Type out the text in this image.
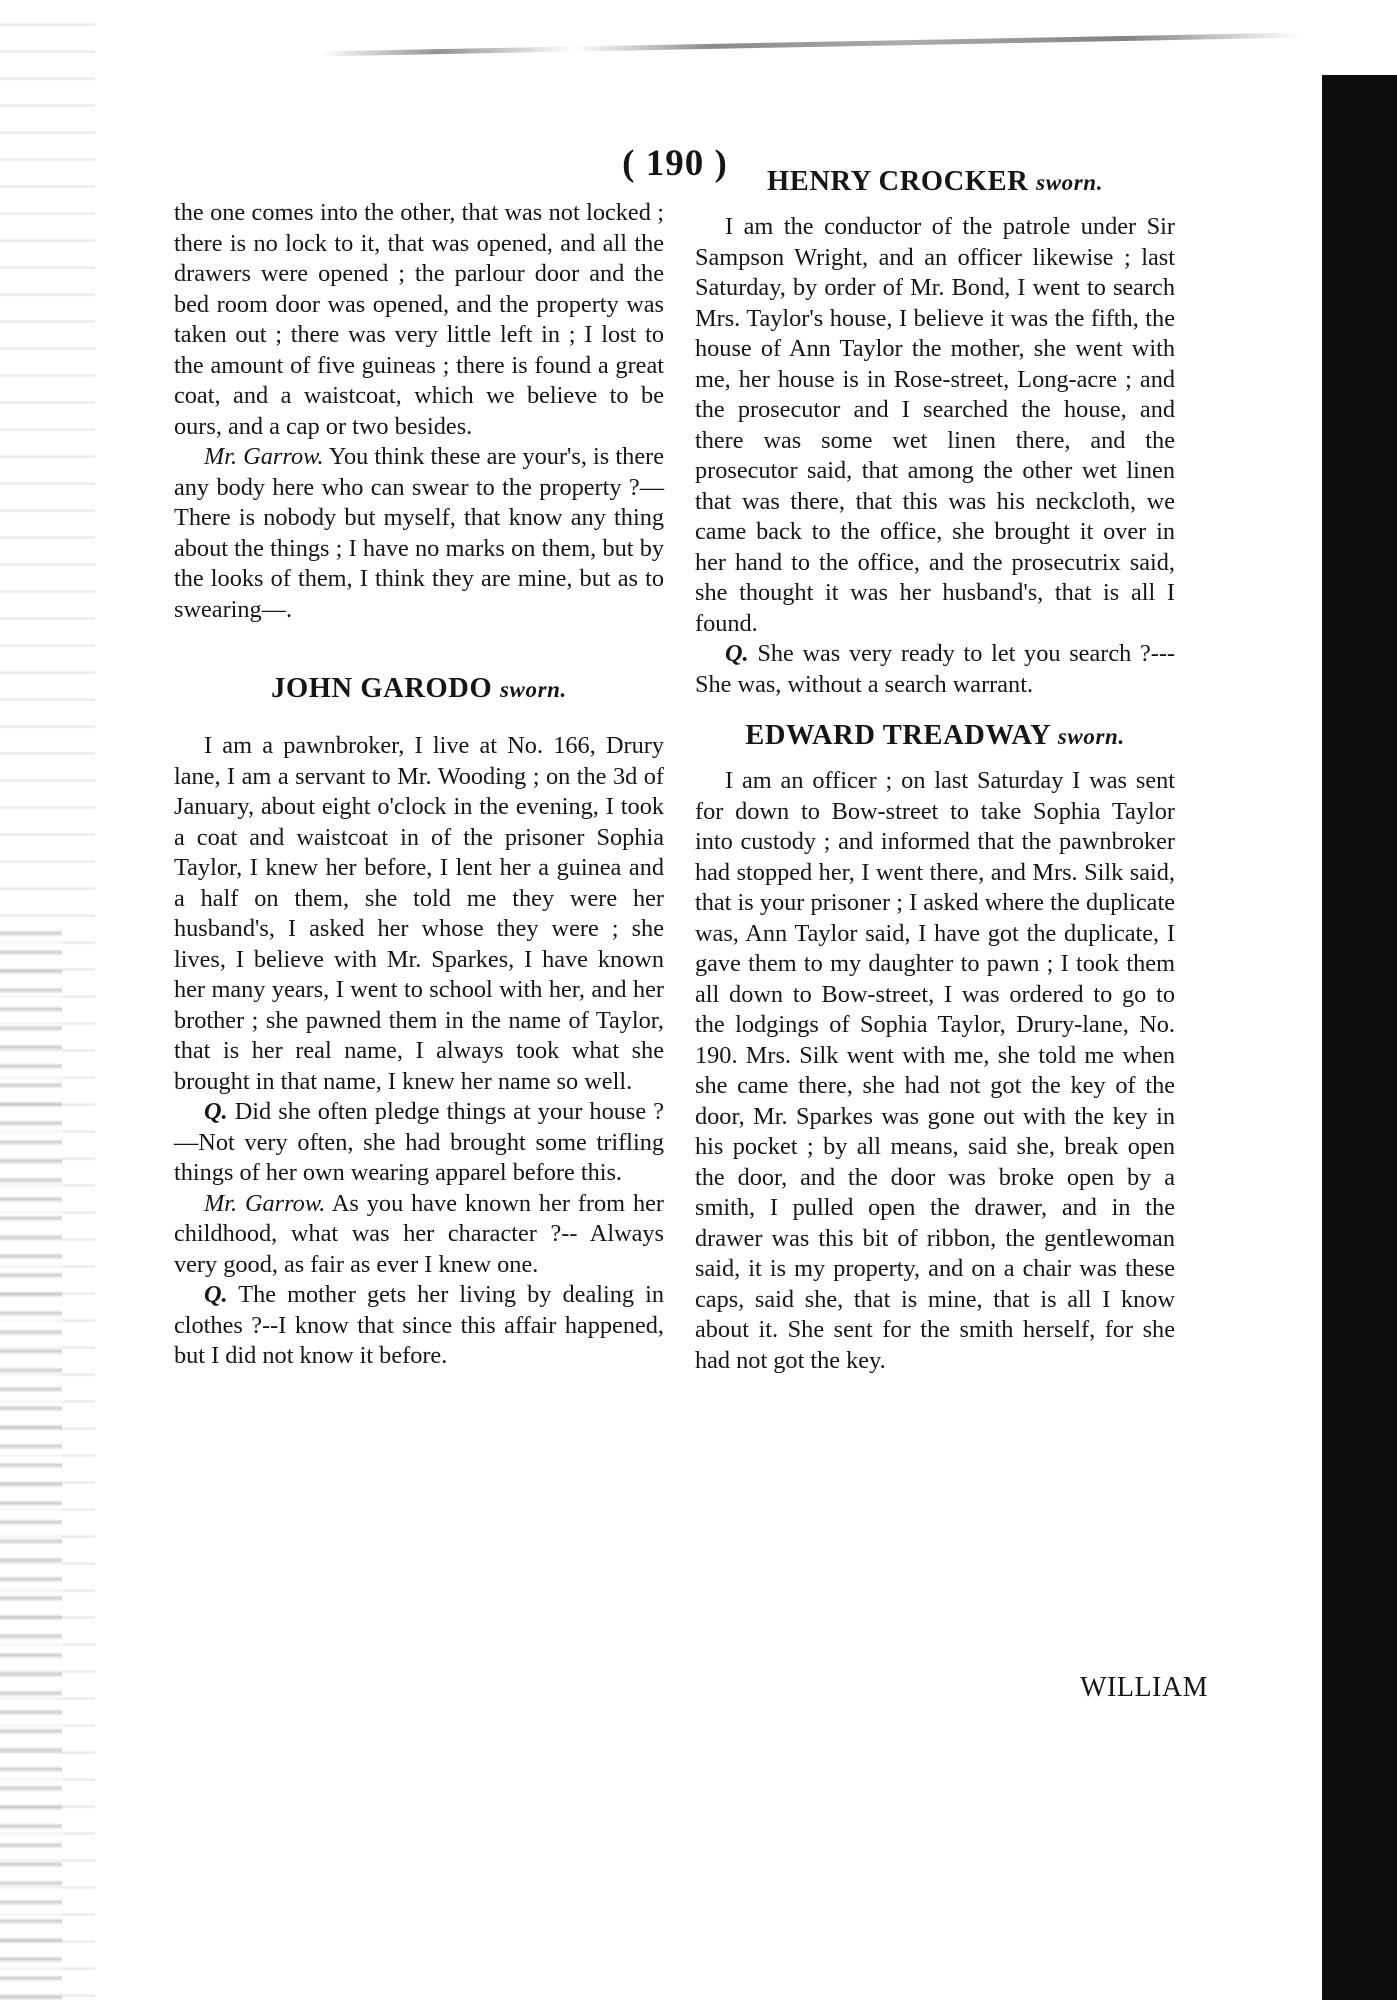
( 190 )

the one comes into the other, that was not locked ; there is no lock to it, that was opened, and all the drawers were opened ; the parlour door and the bed room door was opened, and the property was taken out ; there was very little left in ; I lost to the amount of five guineas ; there is found a great coat, and a waistcoat, which we believe to be ours, and a cap or two besides.

Mr. Garrow. You think these are your's, is there any body here who can swear to the property ?—There is nobody but myself, that know any thing about the things ; I have no marks on them, but by the looks of them, I think they are mine, but as to swearing—.

JOHN GARODO sworn.

I am a pawnbroker, I live at No. 166, Drury lane, I am a servant to Mr. Wooding ; on the 3d of January, about eight o'clock in the evening, I took a coat and waistcoat in of the prisoner Sophia Taylor, I knew her before, I lent her a guinea and a half on them, she told me they were her husband's, I asked her whose they were ; she lives, I believe with Mr. Sparkes, I have known her many years, I went to school with her, and her brother ; she pawned them in the name of Taylor, that is her real name, I always took what she brought in that name, I knew her name so well.

Q. Did she often pledge things at your house ?—Not very often, she had brought some trifling things of her own wearing apparel before this.

Mr. Garrow. As you have known her from her childhood, what was her character ?-- Always very good, as fair as ever I knew one.

Q. The mother gets her living by dealing in clothes ?--I know that since this affair happened, but I did not know it before.

HENRY CROCKER sworn.

I am the conductor of the patrole under Sir Sampson Wright, and an officer likewise ; last Saturday, by order of Mr. Bond, I went to search Mrs. Taylor's house, I believe it was the fifth, the house of Ann Taylor the mother, she went with me, her house is in Rose-street, Long-acre ; and the prosecutor and I searched the house, and there was some wet linen there, and the prosecutor said, that among the other wet linen that was there, that this was his neckcloth, we came back to the office, she brought it over in her hand to the office, and the prosecutrix said, she thought it was her husband's, that is all I found.

Q. She was very ready to let you search ?---She was, without a search warrant.

EDWARD TREADWAY sworn.

I am an officer ; on last Saturday I was sent for down to Bow-street to take Sophia Taylor into custody ; and informed that the pawnbroker had stopped her, I went there, and Mrs. Silk said, that is your prisoner ; I asked where the duplicate was, Ann Taylor said, I have got the duplicate, I gave them to my daughter to pawn ; I took them all down to Bow-street, I was ordered to go to the lodgings of Sophia Taylor, Drury-lane, No. 190. Mrs. Silk went with me, she told me when she came there, she had not got the key of the door, Mr. Sparkes was gone out with the key in his pocket ; by all means, said she, break open the door, and the door was broke open by a smith, I pulled open the drawer, and in the drawer was this bit of ribbon, the gentlewoman said, it is my property, and on a chair was these caps, said she, that is mine, that is all I know about it. She sent for the smith herself, for she had not got the key.

WILLIAM
